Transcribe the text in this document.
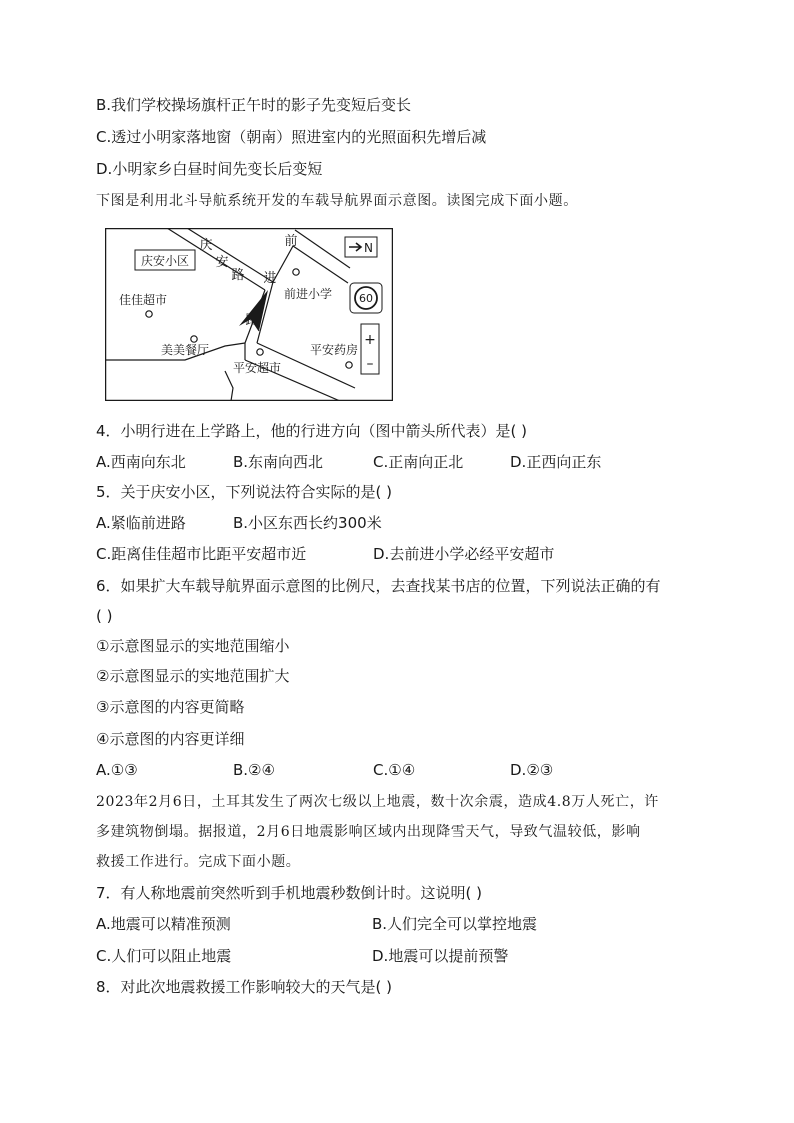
B.我们学校操场旗杆正午时的影子先变短后变长
C.透过小明家落地窗（朝南）照进室内的光照面积先增后减
D.小明家乡白昼时间先变长后变短
下图是利用北斗导航系统开发的车载导航界面示意图。读图完成下面小题。
庆安小区
庆
安
路
前
进
佳佳超市	前进小学
美美餐厅
平安超市
平安药房
N
60
+
–
4．小明行进在上学路上，他的行进方向（图中箭头所代表）是( )
A.西南向东北	B.东南向西北	C.正南向正北	D.正西向正东
5．关于庆安小区，下列说法符合实际的是( )
A.紧临前进路	B.小区东西长约300米
C.距离佳佳超市比距平安超市近	D.去前进小学必经平安超市
6．如果扩大车载导航界面示意图的比例尺，去查找某书店的位置，下列说法正确的有
( )
①示意图显示的实地范围缩小
②示意图显示的实地范围扩大
③示意图的内容更简略
④示意图的内容更详细
A.①③	B.②④	C.①④	D.②③
2023年2月6日，土耳其发生了两次七级以上地震，数十次余震，造成4.8万人死亡，许
多建筑物倒塌。据报道，2月6日地震影响区域内出现降雪天气，导致气温较低，影响
救援工作进行。完成下面小题。
7．有人称地震前突然听到手机地震秒数倒计时。这说明( )
A.地震可以精准预测	B.人们完全可以掌控地震
C.人们可以阻止地震	D.地震可以提前预警
8．对此次地震救援工作影响较大的天气是( )
